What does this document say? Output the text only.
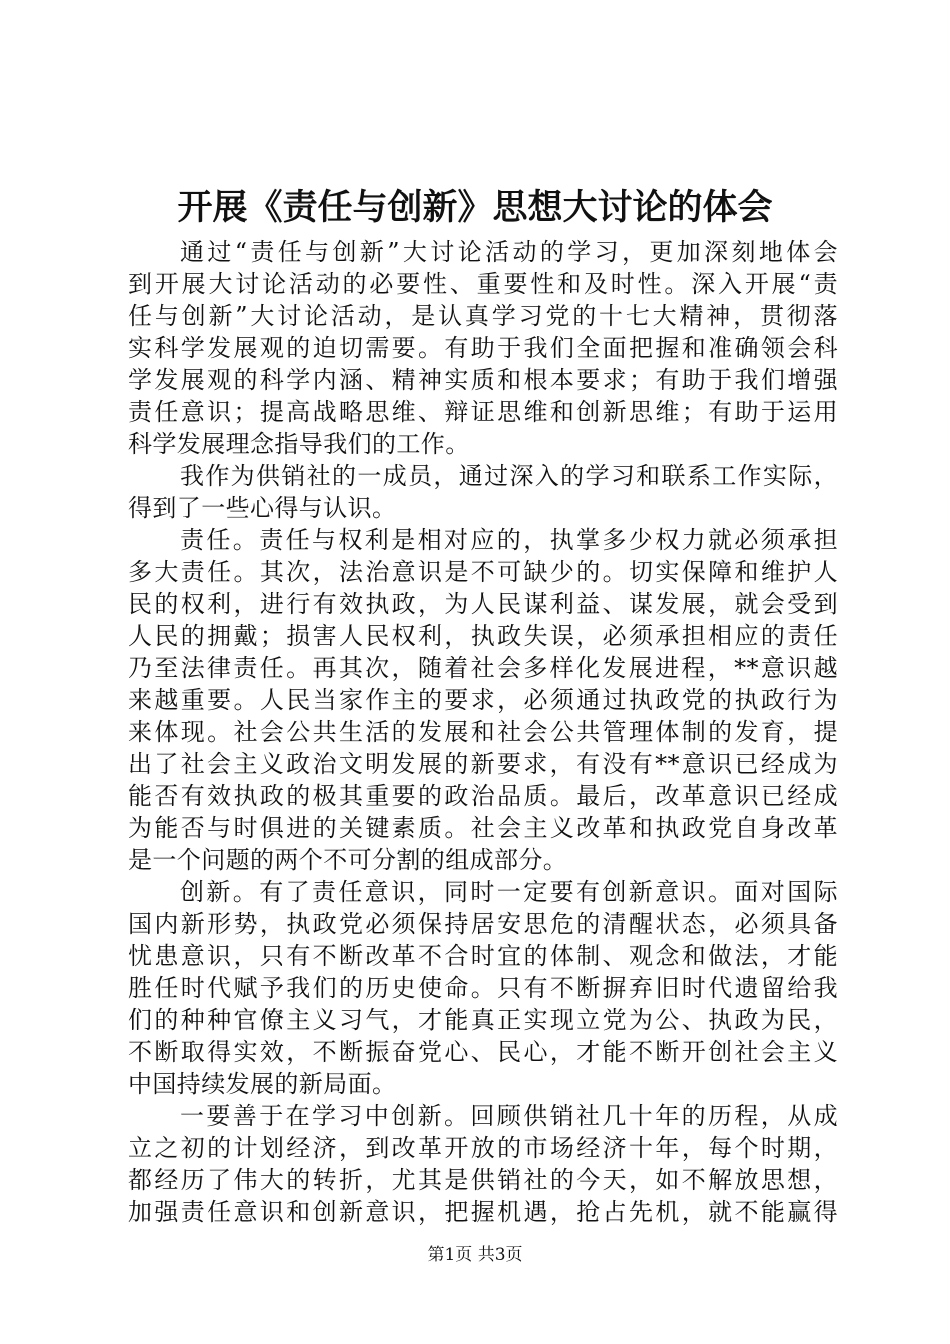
开展《责任与创新》思想大讨论的体会
通过“责任与创新”大讨论活动的学习，更加深刻地体会
到开展大讨论活动的必要性、重要性和及时性。深入开展“责
任与创新”大讨论活动，是认真学习党的十七大精神，贯彻落
实科学发展观的迫切需要。有助于我们全面把握和准确领会科
学发展观的科学内涵、精神实质和根本要求；有助于我们增强
责任意识；提高战略思维、辩证思维和创新思维；有助于运用
科学发展理念指导我们的工作。
我作为供销社的一成员，通过深入的学习和联系工作实际，
得到了一些心得与认识。
责任。责任与权利是相对应的，执掌多少权力就必须承担
多大责任。其次，法治意识是不可缺少的。切实保障和维护人
民的权利，进行有效执政，为人民谋利益、谋发展，就会受到
人民的拥戴；损害人民权利，执政失误，必须承担相应的责任
乃至法律责任。再其次，随着社会多样化发展进程，**意识越
来越重要。人民当家作主的要求，必须通过执政党的执政行为
来体现。社会公共生活的发展和社会公共管理体制的发育，提
出了社会主义政治文明发展的新要求，有没有**意识已经成为
能否有效执政的极其重要的政治品质。最后，改革意识已经成
为能否与时俱进的关键素质。社会主义改革和执政党自身改革
是一个问题的两个不可分割的组成部分。
创新。有了责任意识，同时一定要有创新意识。面对国际
国内新形势，执政党必须保持居安思危的清醒状态，必须具备
忧患意识，只有不断改革不合时宜的体制、观念和做法，才能
胜任时代赋予我们的历史使命。只有不断摒弃旧时代遗留给我
们的种种官僚主义习气，才能真正实现立党为公、执政为民，
不断取得实效，不断振奋党心、民心，才能不断开创社会主义
中国持续发展的新局面。
一要善于在学习中创新。回顾供销社几十年的历程，从成
立之初的计划经济，到改革开放的市场经济十年，每个时期，
都经历了伟大的转折，尤其是供销社的今天，如不解放思想，
加强责任意识和创新意识，把握机遇，抢占先机，就不能赢得
第1页 共3页
